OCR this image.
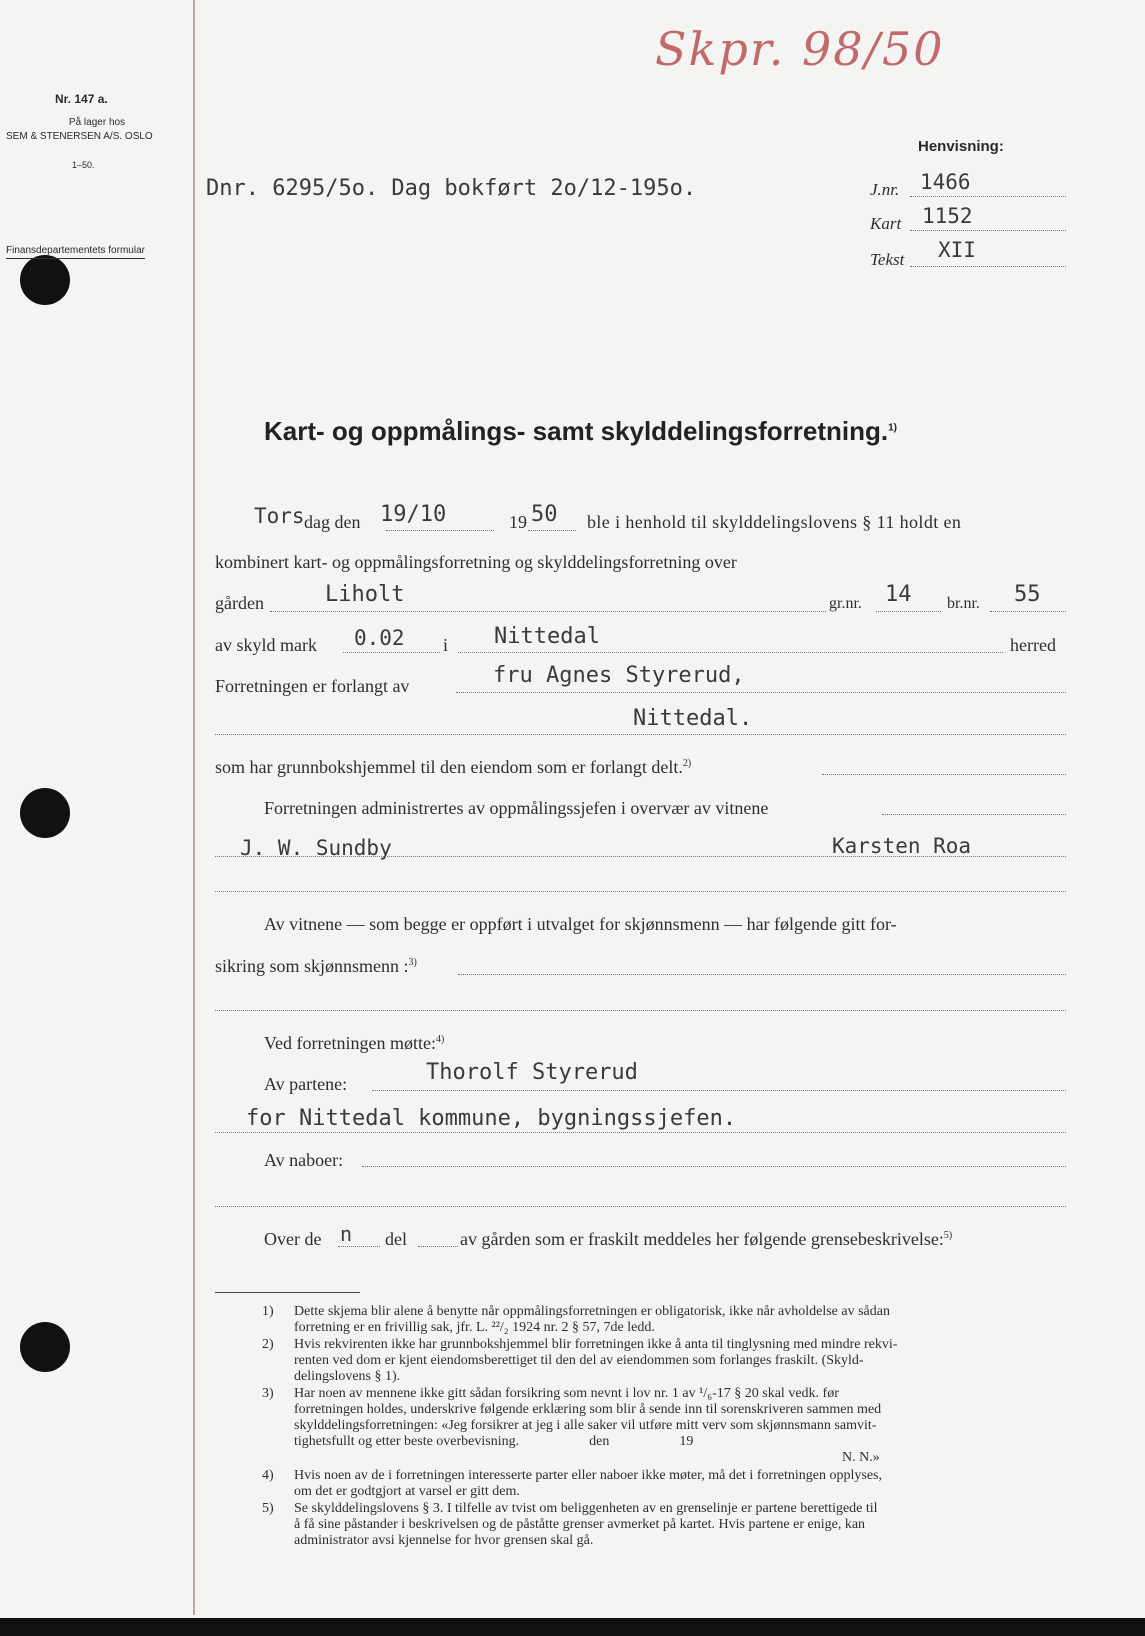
Nr. 147 a.
På lager hos
SEM & STENERSEN A/S. OSLO
1–50.
Finansdepartementets formular
Skpr. 98/50
Henvisning:
J.nr. 1466
Kart 1152
Tekst XII
Dnr. 6295/5o. Dag bokført 2o/12-195o.
Kart- og oppmålings- samt skylddelingsforretning.$^{1)}$
Tors dag den 19/10	19 50 ble i henhold til skylddelingslovens § 11 holdt en
kombinert kart- og oppmålingsforretning og skylddelingsforretning over
gården	Liholt	gr.nr. 14 br.nr. 55
av skyld mark 0.02 i Nittedal	herred
Forretningen er forlangt av	fru Agnes Styrerud,
Nittedal.
som har grunnbokshjemmel til den eiendom som er forlangt delt.$^{2)}$
Forretningen administrertes av oppmålingssjefen i overvær av vitnene
J. W. Sundby	Karsten Roa
Av vitnene — som begge er oppført i utvalget for skjønnsmenn — har følgende gitt for-
sikring som skjønnsmenn :$^{3)}$
Ved forretningen møtte:$^{4)}$
Av partene:	Thorolf Styrerud
for Nittedal kommune, bygningssjefen.
Av naboer:
Over de n del	av gården som er fraskilt meddeles her følgende grensebeskrivelse:$^{5)}$
1) Dette skjema blir alene å benytte når oppmålingsforretningen er obligatorisk, ikke når avholdelse av sådan
forretning er en frivillig sak, jfr. L. ²²/₂ 1924 nr. 2 § 57, 7de ledd.
2) Hvis rekvirenten ikke har grunnbokshjemmel blir forretningen ikke å anta til tinglysning med mindre rekvi-
renten ved dom er kjent eiendomsberettiget til den del av eiendommen som forlanges fraskilt. (Skyld-
delingslovens § 1).
3) Har noen av mennene ikke gitt sådan forsikring som nevnt i lov nr. 1 av ¹/₆-17 § 20 skal vedk. før
forretningen holdes, underskrive følgende erklæring som blir å sende inn til sorenskriveren sammen med
skylddelingsforretningen: «Jeg forsikrer at jeg i alle saker vil utføre mitt verv som skjønnsmann samvit-
tighetsfullt og etter beste overbevisning.                    den                    19
N. N.»
4) Hvis noen av de i forretningen interesserte parter eller naboer ikke møter, må det i forretningen opplyses,
om det er godtgjort at varsel er gitt dem.
5) Se skylddelingslovens § 3. I tilfelle av tvist om beliggenheten av en grenselinje er partene berettigede til
å få sine påstander i beskrivelsen og de påståtte grenser avmerket på kartet. Hvis partene er enige, kan
administrator avsi kjennelse for hvor grensen skal gå.
